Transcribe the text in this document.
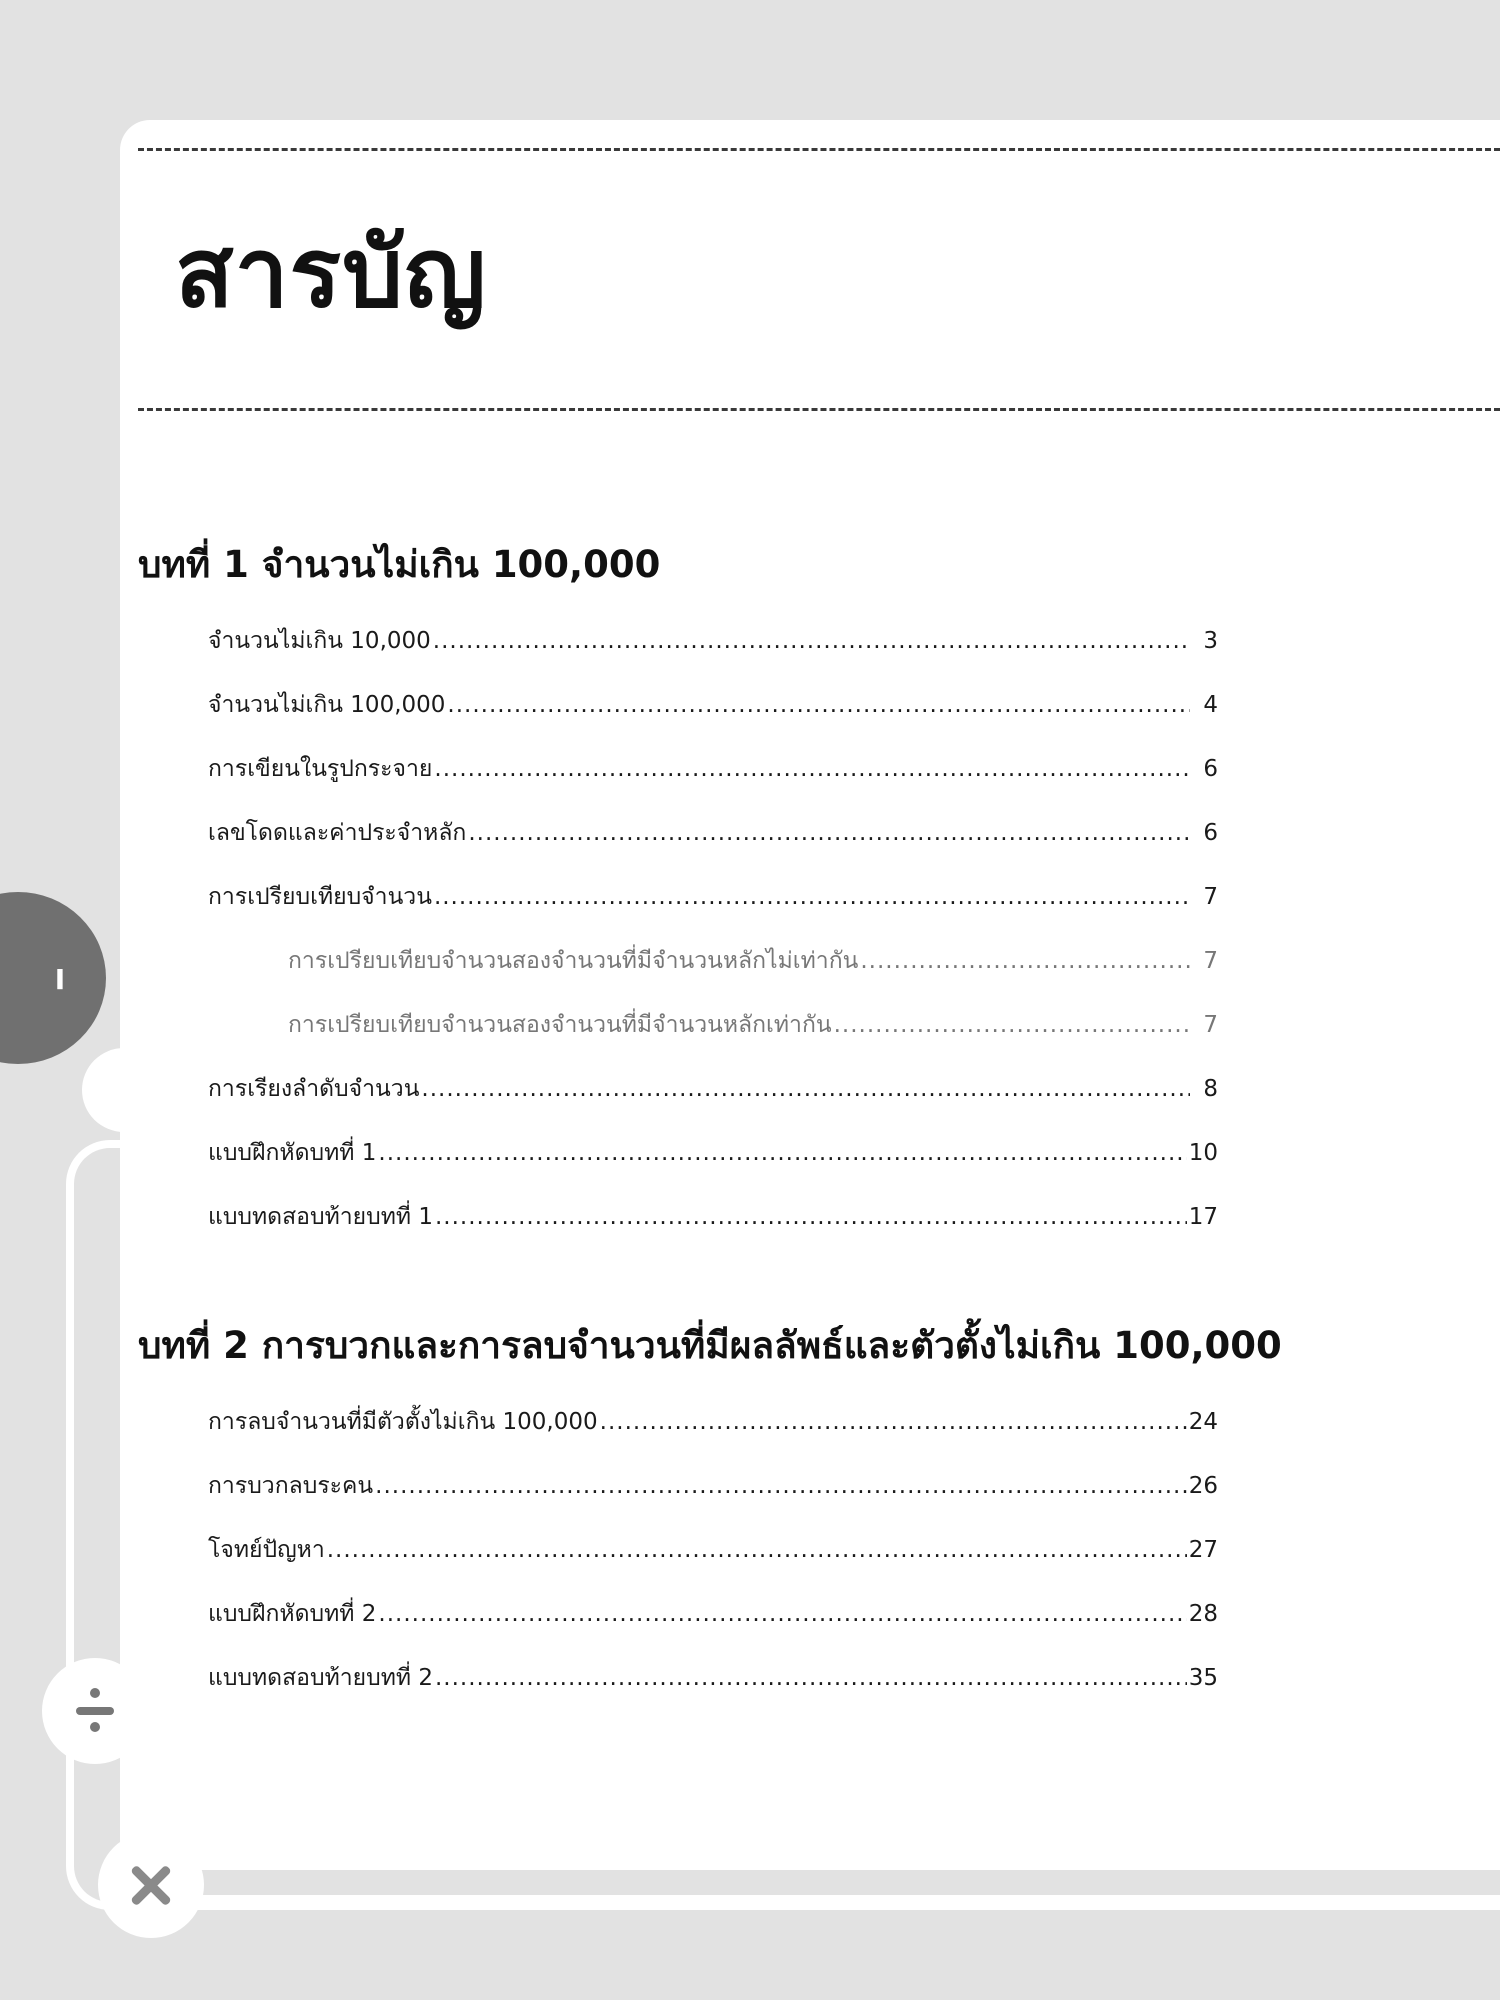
สารบัญ
บทที่ 1 จำนวนไม่เกิน 100,000
จำนวนไม่เกิน 10,000 .....	3
จำนวนไม่เกิน 100,000 .....	4
การเขียนในรูปกระจาย .....	6
เลขโดดและค่าประจำหลัก .....	6
การเปรียบเทียบจำนวน .....	7
การเปรียบเทียบจำนวนสองจำนวนที่มีจำนวนหลักไม่เท่ากัน .....	7
การเปรียบเทียบจำนวนสองจำนวนที่มีจำนวนหลักเท่ากัน .....	7
การเรียงลำดับจำนวน .....	8
แบบฝึกหัดบทที่ 1 .....	10
แบบทดสอบท้ายบทที่ 1 .....	17
บทที่ 2 การบวกและการลบจำนวนที่มีผลลัพธ์และตัวตั้งไม่เกิน 100,000
การลบจำนวนที่มีตัวตั้งไม่เกิน 100,000 .....	24
การบวกลบระคน .....	26
โจทย์ปัญหา .....	27
แบบฝึกหัดบทที่ 2 .....	28
แบบทดสอบท้ายบทที่ 2 .....	35
I
